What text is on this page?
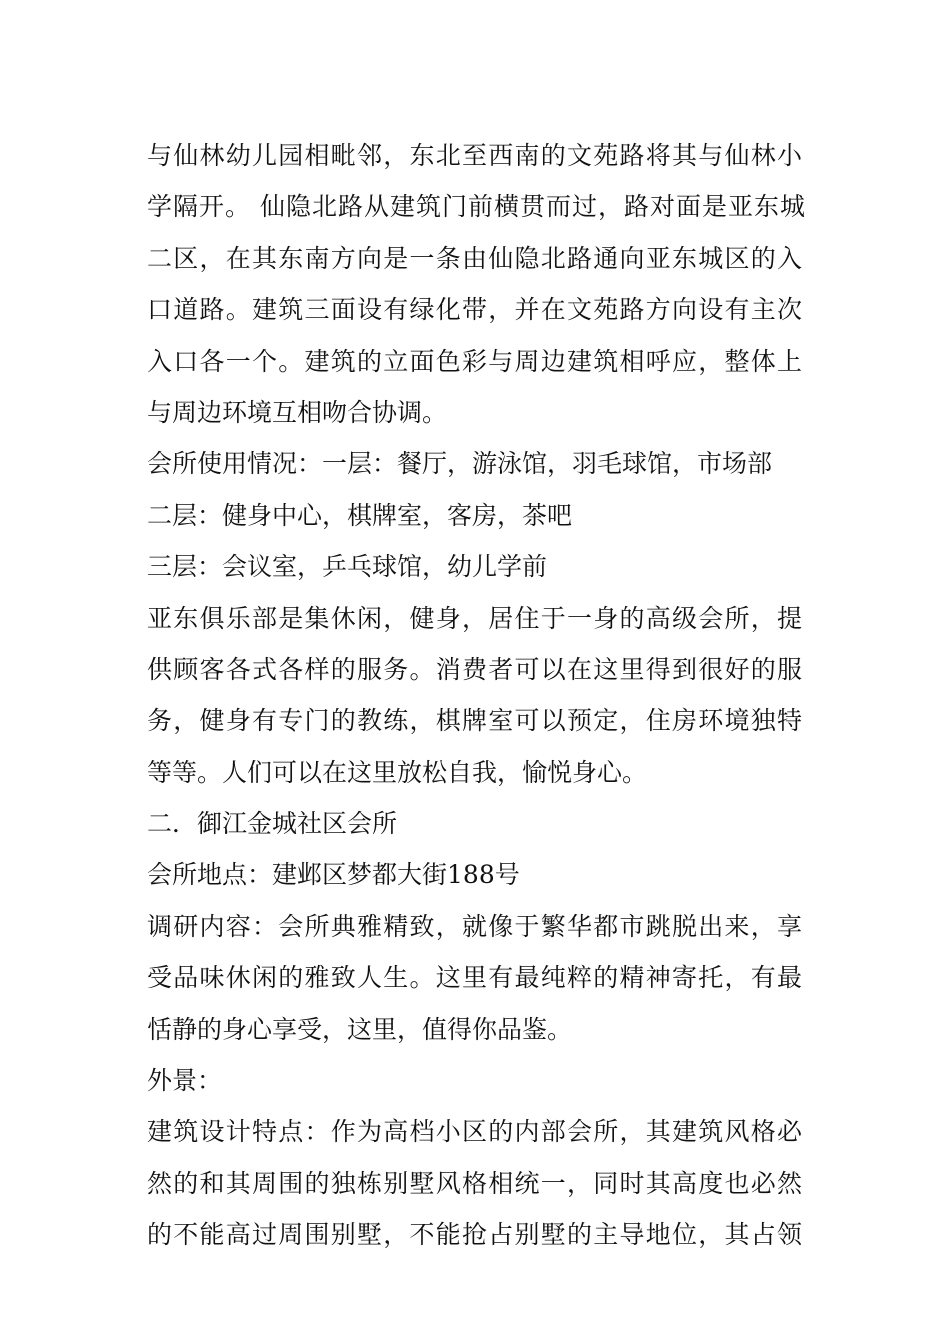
与仙林幼儿园相毗邻，东北至西南的文苑路将其与仙林小
学隔开。 仙隐北路从建筑门前横贯而过，路对面是亚东城
二区，在其东南方向是一条由仙隐北路通向亚东城区的入
口道路。建筑三面设有绿化带，并在文苑路方向设有主次
入口各一个。建筑的立面色彩与周边建筑相呼应，整体上
与周边环境互相吻合协调。
会所使用情况：一层：餐厅，游泳馆，羽毛球馆，市场部
二层：健身中心，棋牌室，客房，茶吧
三层：会议室，乒乓球馆，幼儿学前
亚东俱乐部是集休闲，健身，居住于一身的高级会所，提
供顾客各式各样的服务。消费者可以在这里得到很好的服
务，健身有专门的教练，棋牌室可以预定，住房环境独特
等等。人们可以在这里放松自我，愉悦身心。
二．御江金城社区会所
会所地点：建邺区梦都大街188号
调研内容：会所典雅精致，就像于繁华都市跳脱出来，享
受品味休闲的雅致人生。这里有最纯粹的精神寄托，有最
恬静的身心享受，这里，值得你品鉴。
外景：
建筑设计特点：作为高档小区的内部会所，其建筑风格必
然的和其周围的独栋别墅风格相统一，同时其高度也必然
的不能高过周围别墅，不能抢占别墅的主导地位，其占领
